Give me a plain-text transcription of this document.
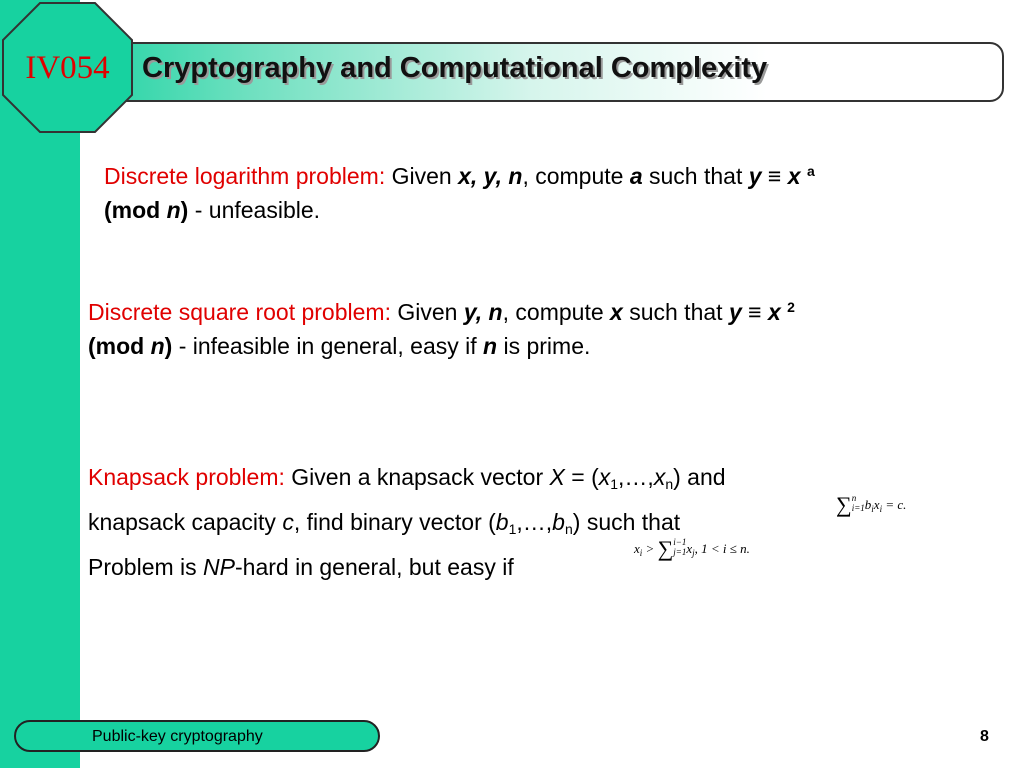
Cryptography and Computational Complexity
IV054
Discrete logarithm problem: Given x, y, n, compute a such that y ≡ x $^a$
(mod n) - unfeasible.
Discrete square root problem: Given y, n, compute x such that y ≡ x $^2$
(mod n) - infeasible in general, easy if n is prime.
Knapsack problem: Given a knapsack vector $X = (x_1,\dots,x_n)$ and
knapsack capacity c, find binary vector $(b_1,\dots,b_n)$ such that
Problem is NP-hard in general, but easy if
∑n
$i=1b_ix_i = c$.
$x_i > \sum i-1$
$j=1x_j$, 1 < i ≤ n.
Public-key cryptography	8
